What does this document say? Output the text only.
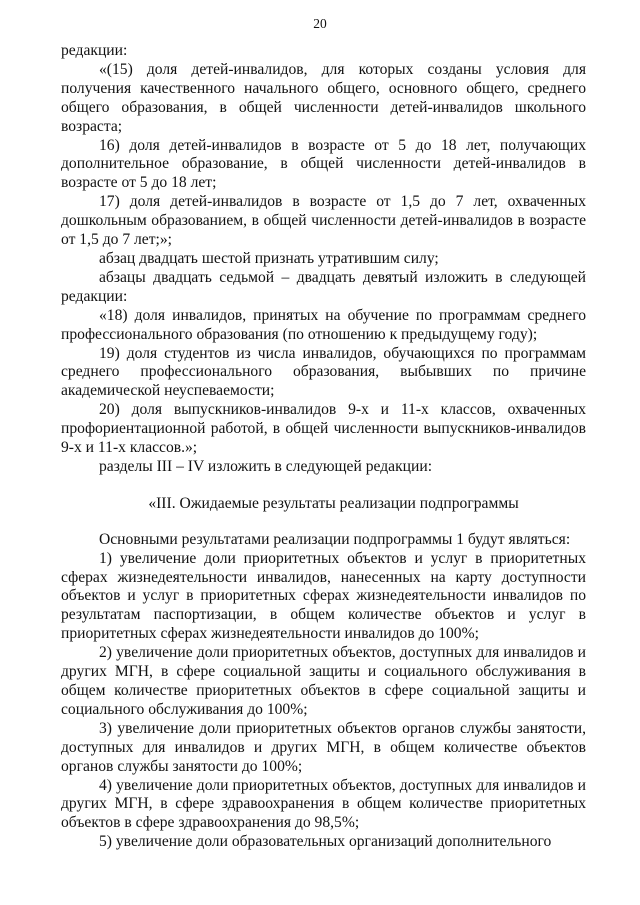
20

редакции:

«(15) доля детей-инвалидов, для которых созданы условия для получения качественного начального общего, основного общего, среднего общего образования, в общей численности детей-инвалидов школьного возраста;

16) доля детей-инвалидов в возрасте от 5 до 18 лет, получающих дополнительное образование, в общей численности детей-инвалидов в возрасте от 5 до 18 лет;

17) доля детей-инвалидов в возрасте от 1,5 до 7 лет, охваченных дошкольным образованием, в общей численности детей-инвалидов в возрасте от 1,5 до 7 лет;»;

абзац двадцать шестой признать утратившим силу;

абзацы двадцать седьмой – двадцать девятый изложить в следующей редакции:

«18) доля инвалидов, принятых на обучение по программам среднего профессионального образования (по отношению к предыдущему году);

19) доля студентов из числа инвалидов, обучающихся по программам среднего профессионального образования, выбывших по причине академической неуспеваемости;

20) доля выпускников-инвалидов 9-х и 11-х классов, охваченных профориентационной работой, в общей численности выпускников-инвалидов 9-х и 11-х классов.»;

разделы III – IV изложить в следующей редакции:

«III. Ожидаемые результаты реализации подпрограммы

Основными результатами реализации подпрограммы 1 будут являться:

1) увеличение доли приоритетных объектов и услуг в приоритетных сферах жизнедеятельности инвалидов, нанесенных на карту доступности объектов и услуг в приоритетных сферах жизнедеятельности инвалидов по результатам паспортизации, в общем количестве объектов и услуг в приоритетных сферах жизнедеятельности инвалидов до 100%;

2) увеличение доли приоритетных объектов, доступных для инвалидов и других МГН, в сфере социальной защиты и социального обслуживания в общем количестве приоритетных объектов в сфере социальной защиты и социального обслуживания до 100%;

3) увеличение доли приоритетных объектов органов службы занятости, доступных для инвалидов и других МГН, в общем количестве объектов органов службы занятости до 100%;

4) увеличение доли приоритетных объектов, доступных для инвалидов и других МГН, в сфере здравоохранения в общем количестве приоритетных объектов в сфере здравоохранения до 98,5%;

5) увеличение доли образовательных организаций дополнительного
